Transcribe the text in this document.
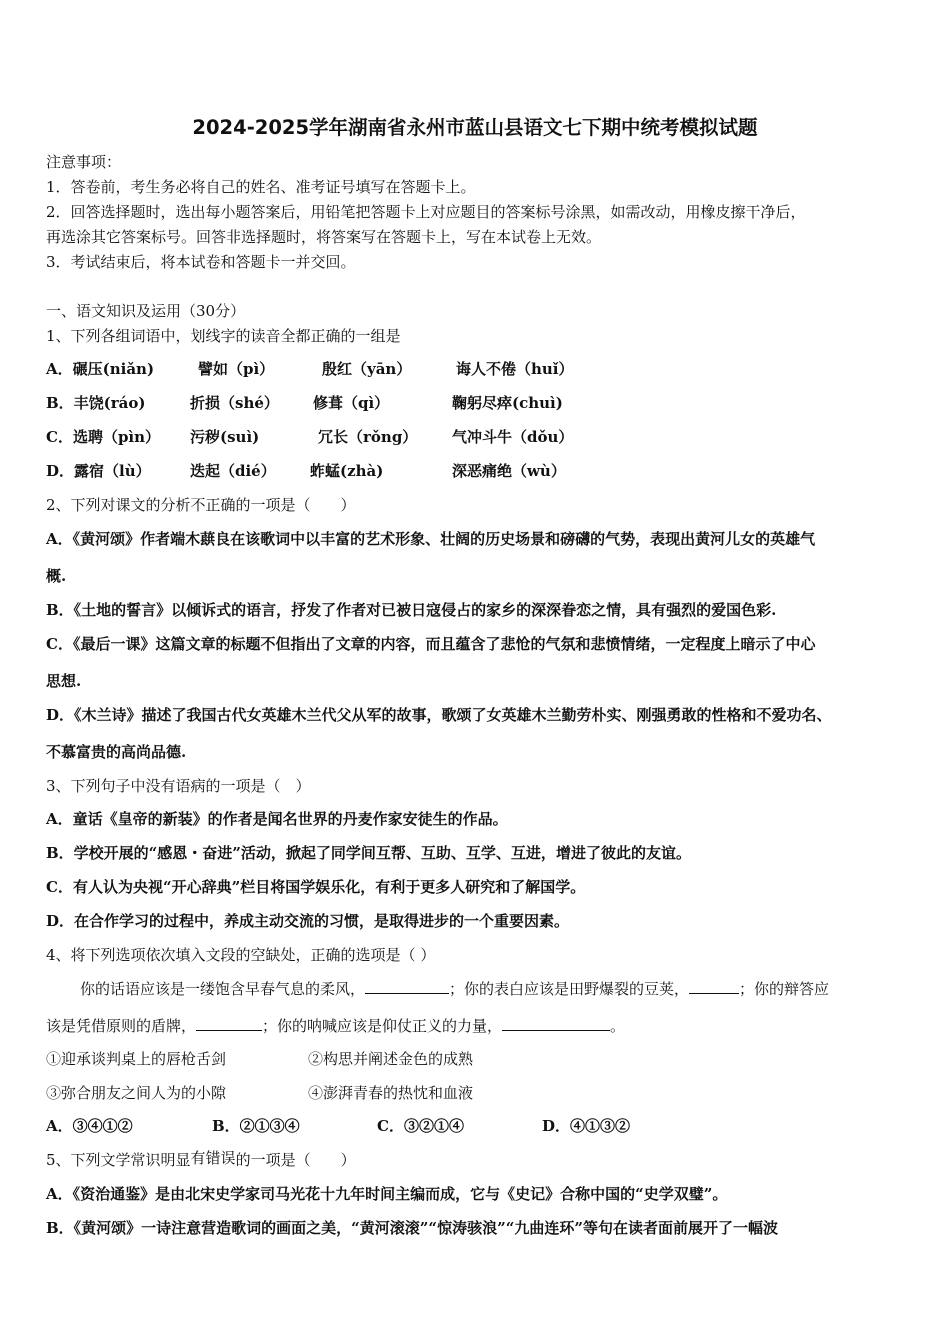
2024-2025学年湖南省永州市蓝山县语文七下期中统考模拟试题
注意事项：
1．答卷前，考生务必将自己的姓名、准考证号填写在答题卡上。
2．回答选择题时，选出每小题答案后，用铅笔把答题卡上对应题目的答案标号涂黑，如需改动，用橡皮擦干净后，
再选涂其它答案标号。回答非选择题时，将答案写在答题卡上，写在本试卷上无效。
3．考试结束后，将本试卷和答题卡一并交回。
一、语文知识及运用（30分）
1、下列各组词语中，划线字的读音全都正确的一组是
A．碾压(niǎn)	譬如（pì）	殷红（yān）	诲人不倦（huǐ）
B．丰饶(ráo)	折损（shé） 修葺（qì）	鞠躬尽瘁(chuì)
C．选聘（pìn） 污秽(suì)	冗长（rǒng） 气冲斗牛（dǒu）
D．露宿（lù）	迭起（dié） 蚱蜢(zhà)	深恶痛绝（wù）
2、下列对课文的分析不正确的一项是（　　）
A．《黄河颂》作者端木蕻良在该歌词中以丰富的艺术形象、壮阔的历史场景和磅礴的气势，表现出黄河儿女的英雄气
概.
B．《土地的誓言》以倾诉式的语言，抒发了作者对已被日寇侵占的家乡的深深眷恋之情，具有强烈的爱国色彩.
C．《最后一课》这篇文章的标题不但指出了文章的内容，而且蕴含了悲怆的气氛和悲愤情绪，一定程度上暗示了中心
思想.
D．《木兰诗》描述了我国古代女英雄木兰代父从军的故事，歌颂了女英雄木兰勤劳朴实、刚强勇敢的性格和不爱功名、
不慕富贵的高尚品德.
3、下列句子中没有语病的一项是（　）
A．童话《皇帝的新装》的作者是闻名世界的丹麦作家安徒生的作品。
B．学校开展的“感恩・奋进”活动，掀起了同学间互帮、互助、互学、互进，增进了彼此的友谊。
C．有人认为央视“开心辞典”栏目将国学娱乐化，有利于更多人研究和了解国学。
D．在合作学习的过程中，养成主动交流的习惯，是取得进步的一个重要因素。
4、将下列选项依次填入文段的空缺处，正确的选项是（ ）
你的话语应该是一缕饱含早春气息的柔风，	；你的表白应该是田野爆裂的豆荚，	；你的辩答应
该是凭借原则的盾牌，	；你的呐喊应该是仰仗正义的力量，	。
①迎承谈判桌上的唇枪舌剑	②构思并阐述金色的成熟
③弥合朋友之间人为的小隙	④澎湃青春的热忱和血液
A．③④①②	B．②①③④	C．③②①④	D．④①③②
5、下列文学常识明显有错误的一项是（　　）
A．《资治通鉴》是由北宋史学家司马光花十九年时间主编而成，它与《史记》合称中国的“史学双璧”。
B．《黄河颂》一诗注意营造歌词的画面之美，“黄河滚滚”“惊涛骇浪”“九曲连环”等句在读者面前展开了一幅波
